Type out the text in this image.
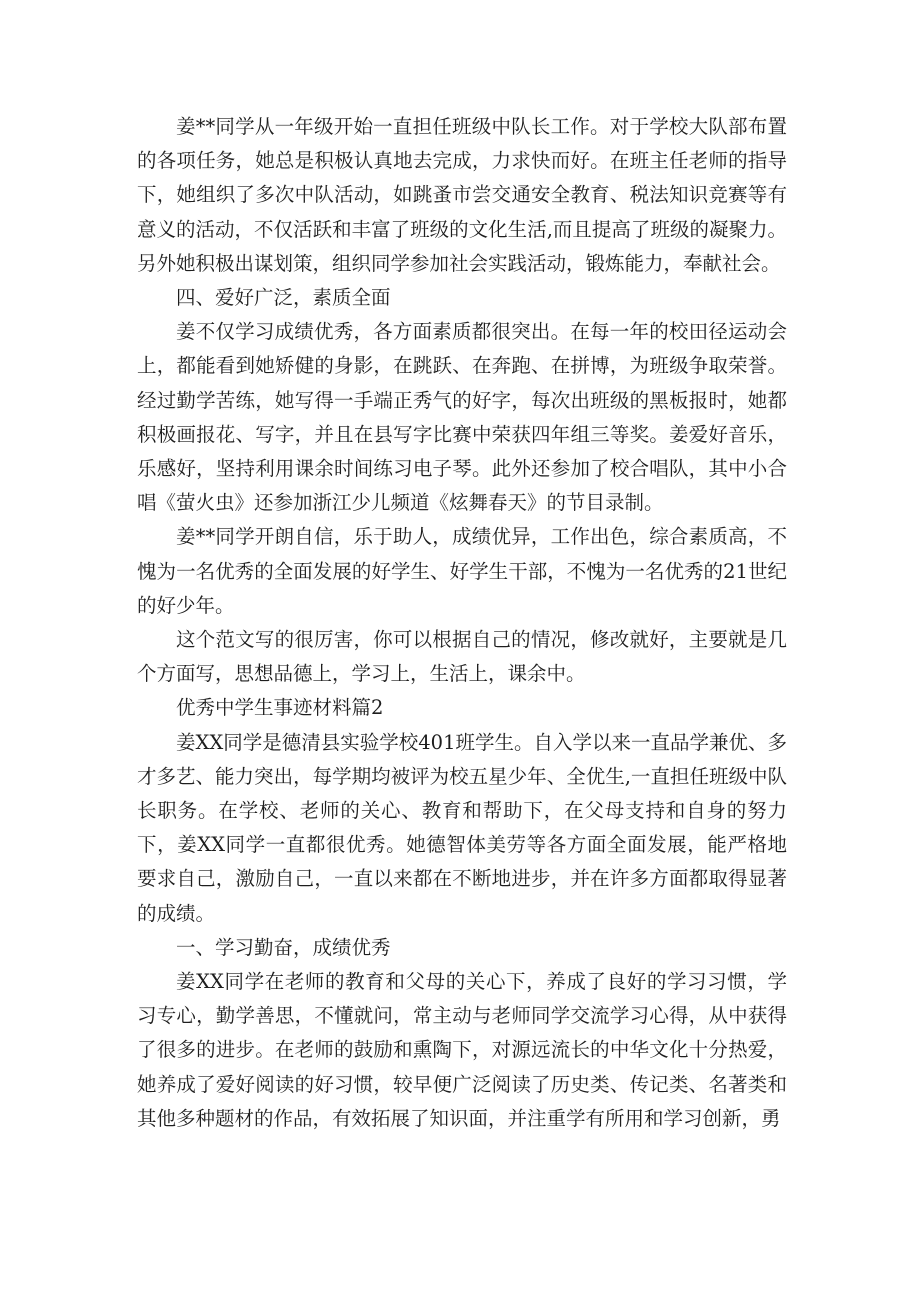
姜**同学从一年级开始一直担任班级中队长工作。对于学校大队部布置的各项任务，她总是积极认真地去完成，力求快而好。在班主任老师的指导下，她组织了多次中队活动，如跳蚤市尝交通安全教育、税法知识竞赛等有意义的活动，不仅活跃和丰富了班级的文化生活,而且提高了班级的凝聚力。另外她积极出谋划策，组织同学参加社会实践活动，锻炼能力，奉献社会。

四、爱好广泛，素质全面

姜不仅学习成绩优秀，各方面素质都很突出。在每一年的校田径运动会上，都能看到她矫健的身影，在跳跃、在奔跑、在拼博，为班级争取荣誉。经过勤学苦练，她写得一手端正秀气的好字，每次出班级的黑板报时，她都积极画报花、写字，并且在县写字比赛中荣获四年组三等奖。姜爱好音乐，乐感好，坚持利用课余时间练习电子琴。此外还参加了校合唱队，其中小合唱《萤火虫》还参加浙江少儿频道《炫舞春天》的节目录制。

姜**同学开朗自信，乐于助人，成绩优异，工作出色，综合素质高，不愧为一名优秀的全面发展的好学生、好学生干部，不愧为一名优秀的21世纪的好少年。

这个范文写的很厉害，你可以根据自己的情况，修改就好，主要就是几个方面写，思想品德上，学习上，生活上，课余中。

优秀中学生事迹材料篇2

姜XX同学是德清县实验学校401班学生。自入学以来一直品学兼优、多才多艺、能力突出，每学期均被评为校五星少年、全优生,一直担任班级中队长职务。在学校、老师的关心、教育和帮助下，在父母支持和自身的努力下，姜XX同学一直都很优秀。她德智体美劳等各方面全面发展，能严格地要求自己，激励自己，一直以来都在不断地进步，并在许多方面都取得显著的成绩。

一、学习勤奋，成绩优秀

姜XX同学在老师的教育和父母的关心下，养成了良好的学习习惯，学习专心，勤学善思，不懂就问，常主动与老师同学交流学习心得，从中获得了很多的进步。在老师的鼓励和熏陶下，对源远流长的中华文化十分热爱，她养成了爱好阅读的好习惯，较早便广泛阅读了历史类、传记类、名著类和其他多种题材的作品，有效拓展了知识面，并注重学有所用和学习创新，勇
